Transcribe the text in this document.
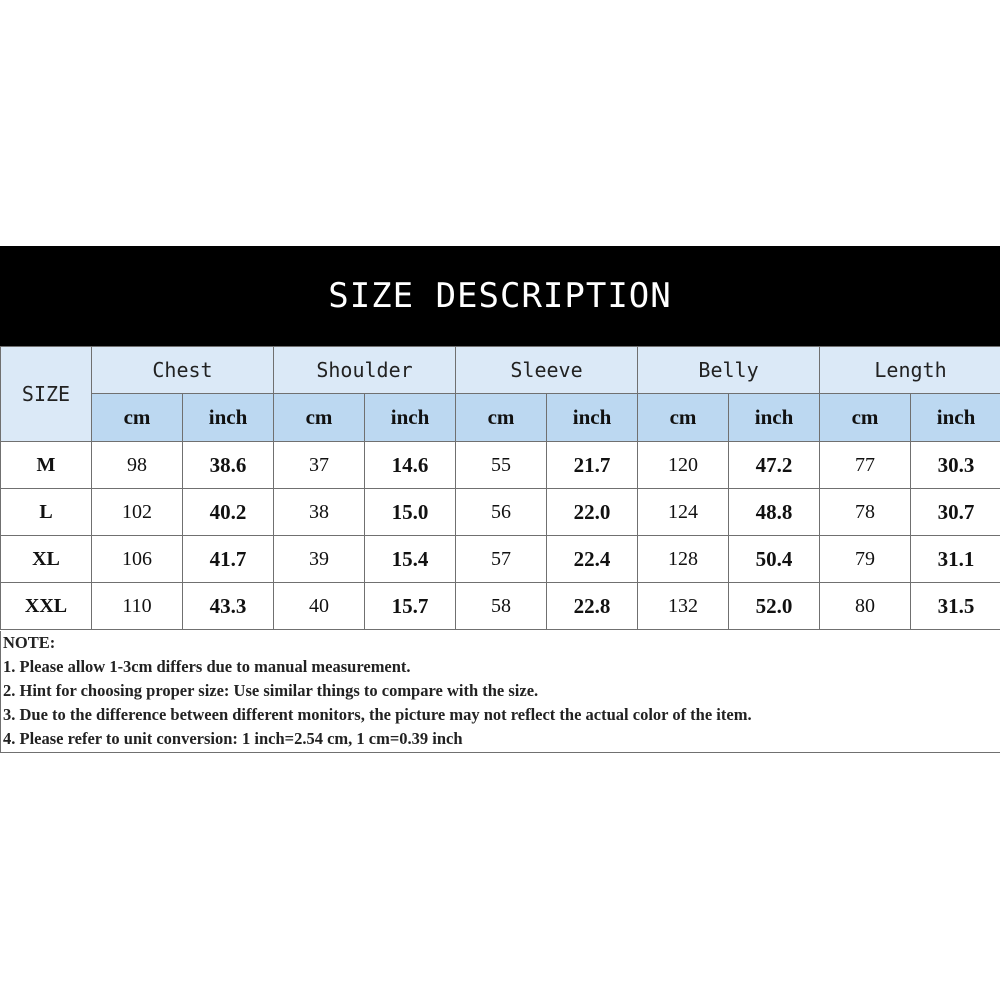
SIZE DESCRIPTION
SIZE	Chest		Shoulder		Sleeve		Belly		Length	
	cm	inch	cm	inch	cm	inch	cm	inch	cm	inch
M	98	38.6	37	14.6	55	21.7	120	47.2	77	30.3
L	102	40.2	38	15.0	56	22.0	124	48.8	78	30.7
XL	106	41.7	39	15.4	57	22.4	128	50.4	79	31.1
XXL	110	43.3	40	15.7	58	22.8	132	52.0	80	31.5
NOTE:
1. Please allow 1-3cm differs due to manual measurement.
2. Hint for choosing proper size: Use similar things to compare with the size.
3. Due to the difference between different monitors, the picture may not reflect the actual color of the item.
4. Please refer to unit conversion: 1 inch=2.54 cm, 1 cm=0.39 inch
